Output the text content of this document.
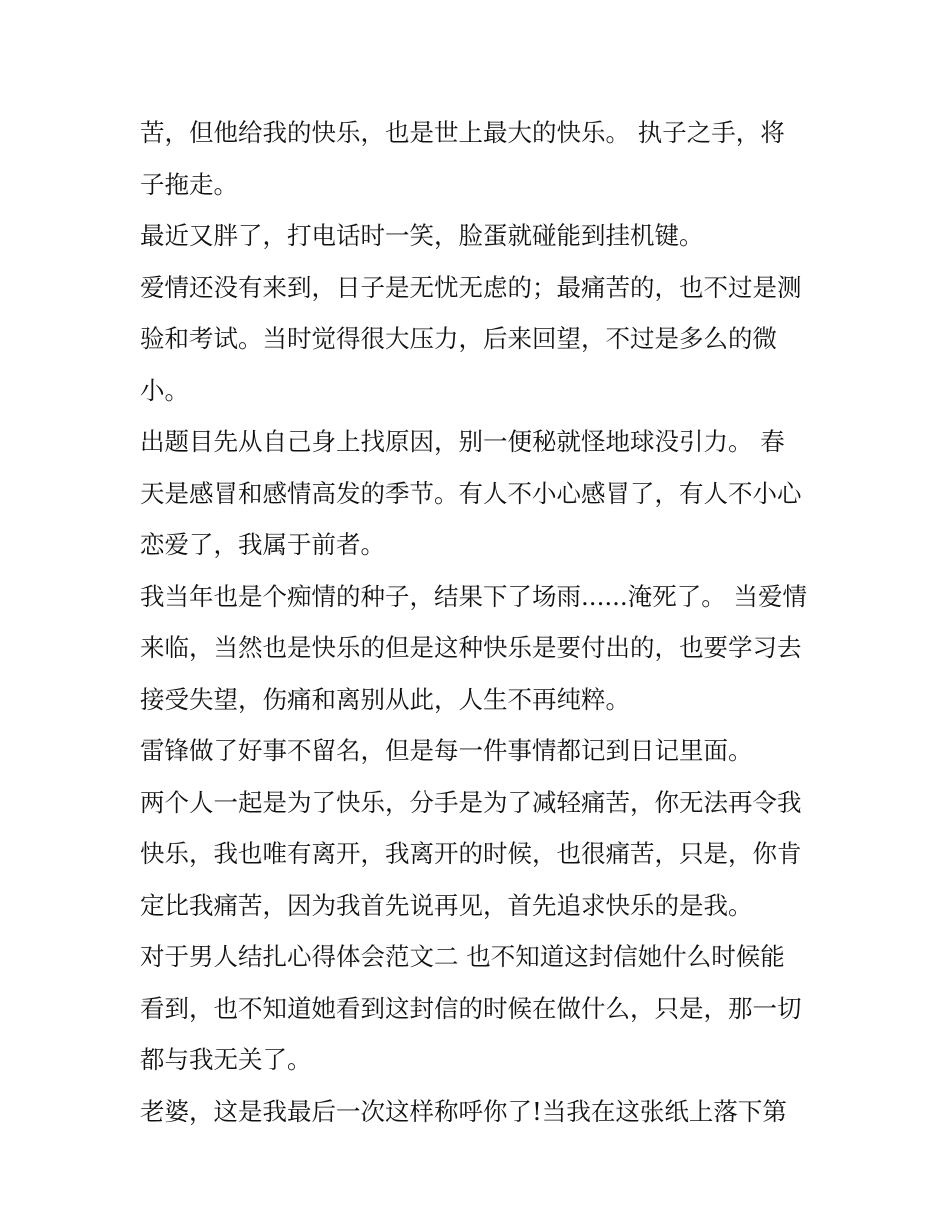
苦，但他给我的快乐，也是世上最大的快乐。 执子之手，将
子拖走。
最近又胖了，打电话时一笑，脸蛋就碰能到挂机键。
爱情还没有来到，日子是无忧无虑的；最痛苦的，也不过是测
验和考试。当时觉得很大压力，后来回望，不过是多么的微
小。
出题目先从自己身上找原因，别一便秘就怪地球没引力。 春
天是感冒和感情高发的季节。有人不小心感冒了，有人不小心
恋爱了，我属于前者。
我当年也是个痴情的种子，结果下了场雨......淹死了。 当爱情
来临，当然也是快乐的但是这种快乐是要付出的，也要学习去
接受失望，伤痛和离别从此，人生不再纯粹。
雷锋做了好事不留名，但是每一件事情都记到日记里面。
两个人一起是为了快乐，分手是为了减轻痛苦，你无法再令我
快乐，我也唯有离开，我离开的时候，也很痛苦，只是，你肯
定比我痛苦，因为我首先说再见，首先追求快乐的是我。
对于男人结扎心得体会范文二 也不知道这封信她什么时候能
看到，也不知道她看到这封信的时候在做什么，只是，那一切
都与我无关了。
老婆，这是我最后一次这样称呼你了!当我在这张纸上落下第
